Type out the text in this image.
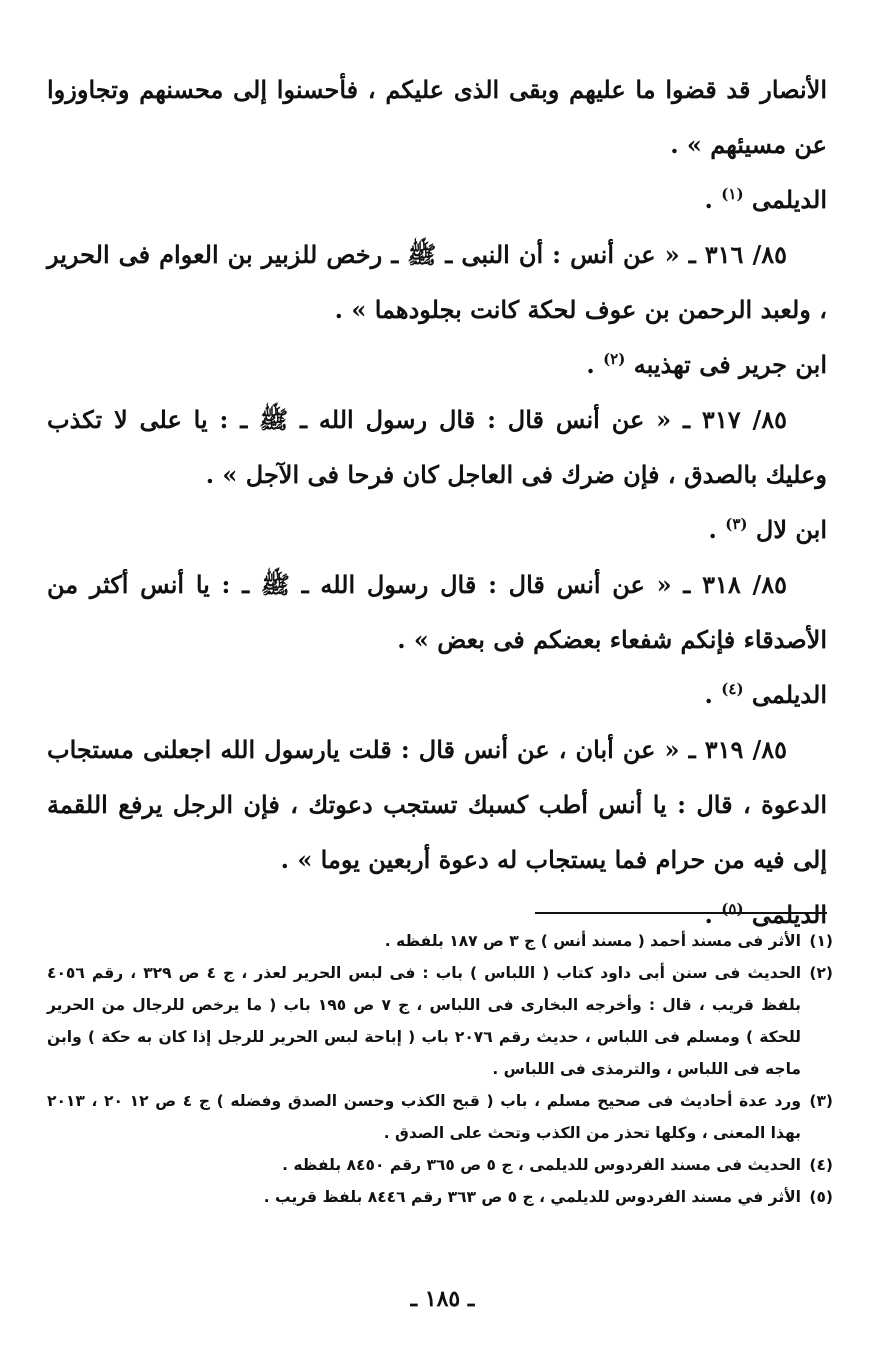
الأنصار قد قضوا ما عليهم وبقى الذى عليكم ، فأحسنوا إلى محسنهم وتجاوزوا عن مسيئهم » .

الديلمى $^{(١)}$ .

٨٥/ ٣١٦ ـ « عن أنس : أن النبى ـ ﷺ ـ رخص للزبير بن العوام فى الحرير ، ولعبد الرحمن بن عوف لحكة كانت بجلودهما » .

ابن جرير فى تهذيبه $^{(٢)}$ .

٨٥/ ٣١٧ ـ « عن أنس قال : قال رسول الله ـ ﷺ ـ : يا على لا تكذب وعليك بالصدق ، فإن ضرك فى العاجل كان فرحا فى الآجل » .

ابن لال $^{(٣)}$ .

٨٥/ ٣١٨ ـ « عن أنس قال : قال رسول الله ـ ﷺ ـ : يا أنس أكثر من الأصدقاء فإنكم شفعاء بعضكم فى بعض » .

الديلمى $^{(٤)}$ .

٨٥/ ٣١٩ ـ « عن أبان ، عن أنس قال : قلت يارسول الله اجعلنى مستجاب الدعوة ، قال : يا أنس أطب كسبك تستجب دعوتك ، فإن الرجل يرفع اللقمة إلى فيه من حرام فما يستجاب له دعوة أربعين يوما » .

الديلمى $^{(٥)}$ .

(١)
الأثر فى مسند أحمد ( مسند أنس ) ج ٣ ص ١٨٧ بلفظه .
(٢)
الحديث فى سنن أبى داود كتاب ( اللباس ) باب : فى لبس الحرير لعذر ، ج ٤ ص ٣٢٩ ، رقم ٤٠٥٦ بلفظ قريب ، قال : وأخرجه البخارى فى اللباس ، ج ٧ ص ١٩٥ باب ( ما يرخص للرجال من الحرير للحكة ) ومسلم فى اللباس ، حديث رقم ٢٠٧٦ باب ( إباحة لبس الحرير للرجل إذا كان به حكة ) وابن ماجه فى اللباس ، والترمذى فى اللباس .
(٣)
ورد عدة أحاديث فى صحيح مسلم ، باب ( قبح الكذب وحسن الصدق وفضله ) ج ٤ ص ١٢ ٢٠ ، ٢٠١٣ بهذا المعنى ، وكلها تحذر من الكذب وتحث على الصدق .
(٤)
الحديث فى مسند الفردوس للديلمى ، ج ٥ ص ٣٦٥ رقم ٨٤٥٠ بلفظه .
(٥)
الأثر في مسند الفردوس للديلمي ، ج ٥ ص ٣٦٣ رقم ٨٤٤٦ بلفظ قريب .
ـ ١٨٥ ـ
